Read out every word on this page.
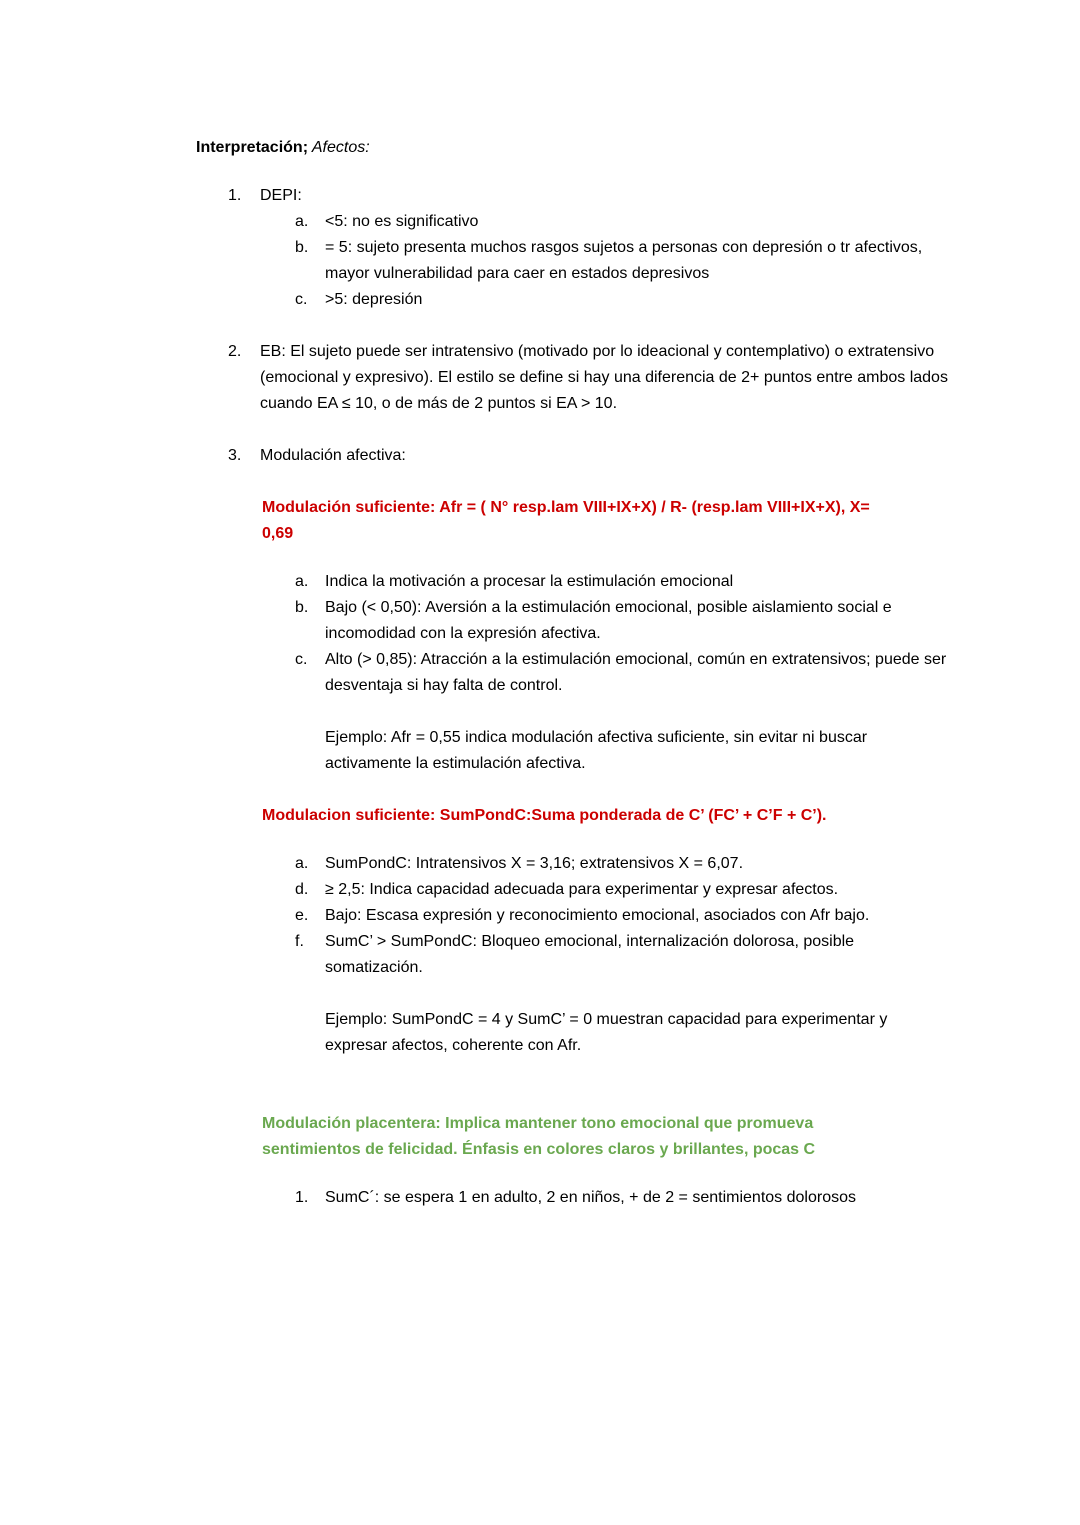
Interpretación; Afectos:
1.	DEPI:
a.	<5: no es significativo
b.	= 5: sujeto presenta muchos rasgos sujetos a personas con depresión o tr afectivos, mayor vulnerabilidad para caer en estados depresivos
c.	>5: depresión
2.	EB: El sujeto puede ser intratensivo (motivado por lo ideacional y contemplativo) o extratensivo (emocional y expresivo). El estilo se define si hay una diferencia de 2+ puntos entre ambos lados cuando EA ≤ 10, o de más de 2 puntos si EA > 10.
3.	Modulación afectiva:
Modulación suficiente: Afr = ( N° resp.lam VIII+IX+X) / R- (resp.lam VIII+IX+X), X= 0,69
a.	Indica la motivación a procesar la estimulación emocional
b.	Bajo (< 0,50): Aversión a la estimulación emocional, posible aislamiento social e incomodidad con la expresión afectiva.
c.	Alto (> 0,85): Atracción a la estimulación emocional, común en extratensivos; puede ser desventaja si hay falta de control.
Ejemplo: Afr = 0,55 indica modulación afectiva suficiente, sin evitar ni buscar activamente la estimulación afectiva.
Modulacion suficiente: SumPondC:Suma ponderada de C’ (FC’ + C’F + C’).
a.	SumPondC: Intratensivos X = 3,16; extratensivos X = 6,07.
d.	≥ 2,5: Indica capacidad adecuada para experimentar y expresar afectos.
e.	Bajo: Escasa expresión y reconocimiento emocional, asociados con Afr bajo.
f.	SumC’ > SumPondC: Bloqueo emocional, internalización dolorosa, posible somatización.
Ejemplo: SumPondC = 4 y SumC’ = 0 muestran capacidad para experimentar y expresar afectos, coherente con Afr.
Modulación placentera: Implica mantener tono emocional que promueva sentimientos de felicidad. Énfasis en colores claros y brillantes, pocas C
1.	SumC´: se espera 1 en adulto, 2 en niños, + de 2 = sentimientos dolorosos
